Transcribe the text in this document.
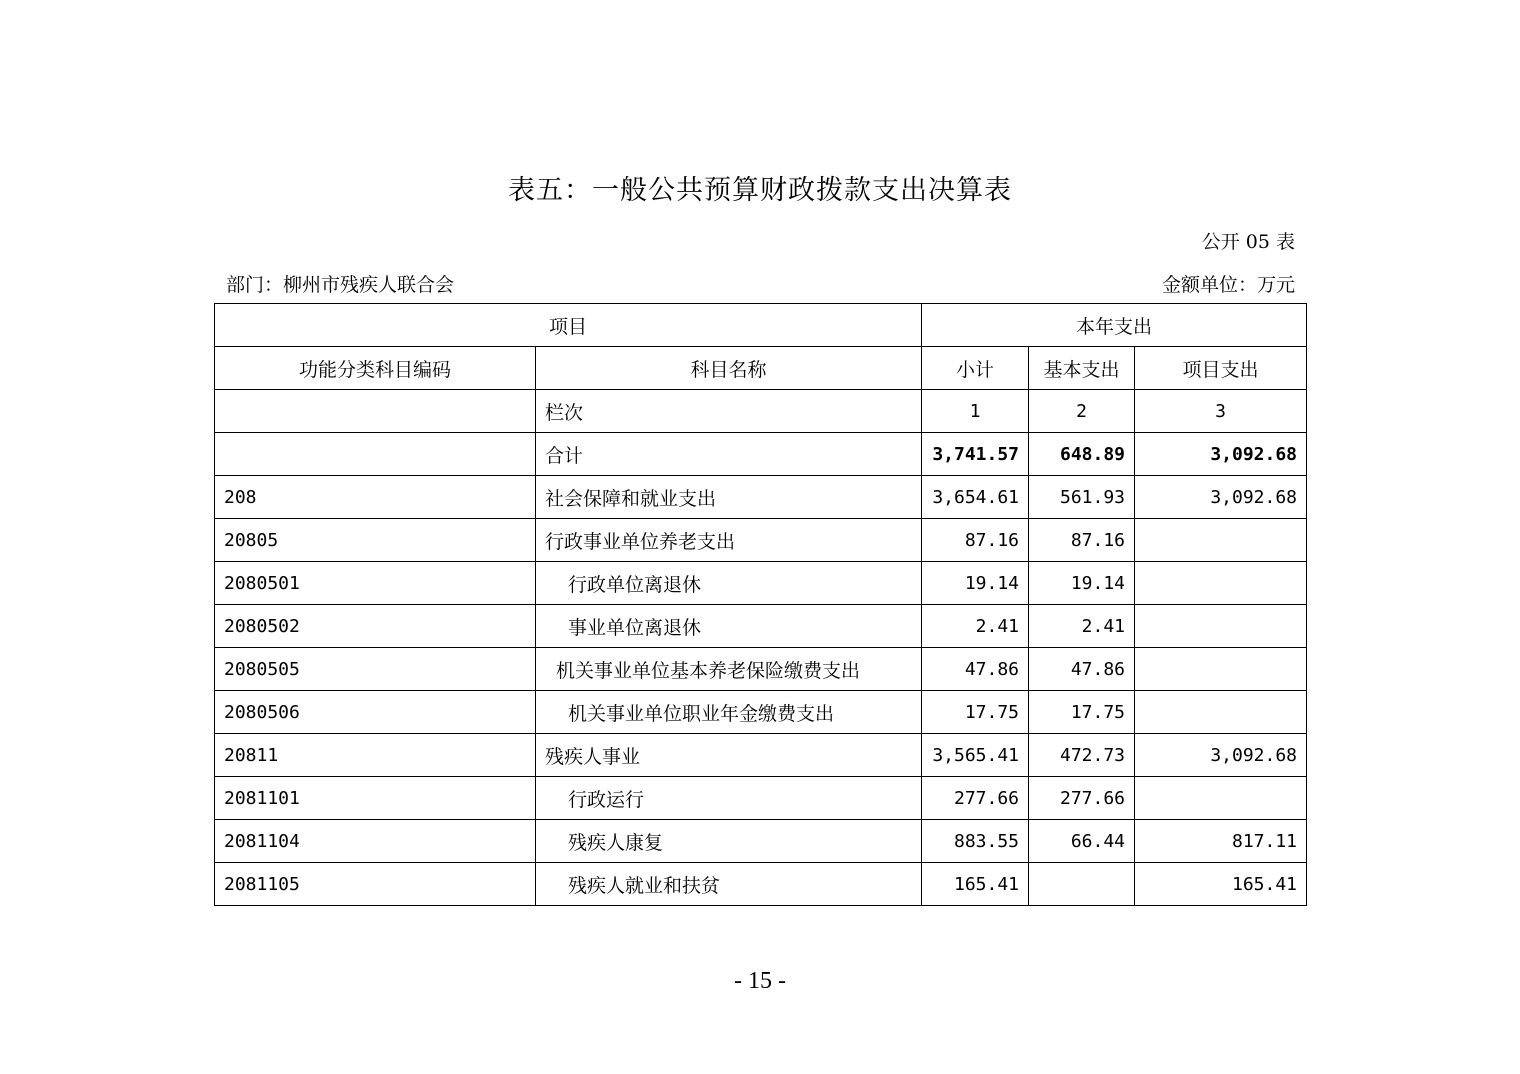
表五：一般公共预算财政拨款支出决算表
公开 05 表
部门：柳州市残疾人联合会	金额单位：万元
项目		本年支出		
功能分类科目编码	科目名称	小计	基本支出	项目支出
	栏次	1	2	3
	合计	3,741.57	648.89	3,092.68
208	社会保障和就业支出	3,654.61	561.93	3,092.68
20805	行政事业单位养老支出	87.16	87.16	
2080501	行政单位离退休	19.14	19.14	
2080502	事业单位离退休	2.41	2.41	
2080505	机关事业单位基本养老保险缴费支出	47.86	47.86	
2080506	机关事业单位职业年金缴费支出	17.75	17.75	
20811	残疾人事业	3,565.41	472.73	3,092.68
2081101	行政运行	277.66	277.66	
2081104	残疾人康复	883.55	66.44	817.11
2081105	残疾人就业和扶贫	165.41		165.41
- 15 -
